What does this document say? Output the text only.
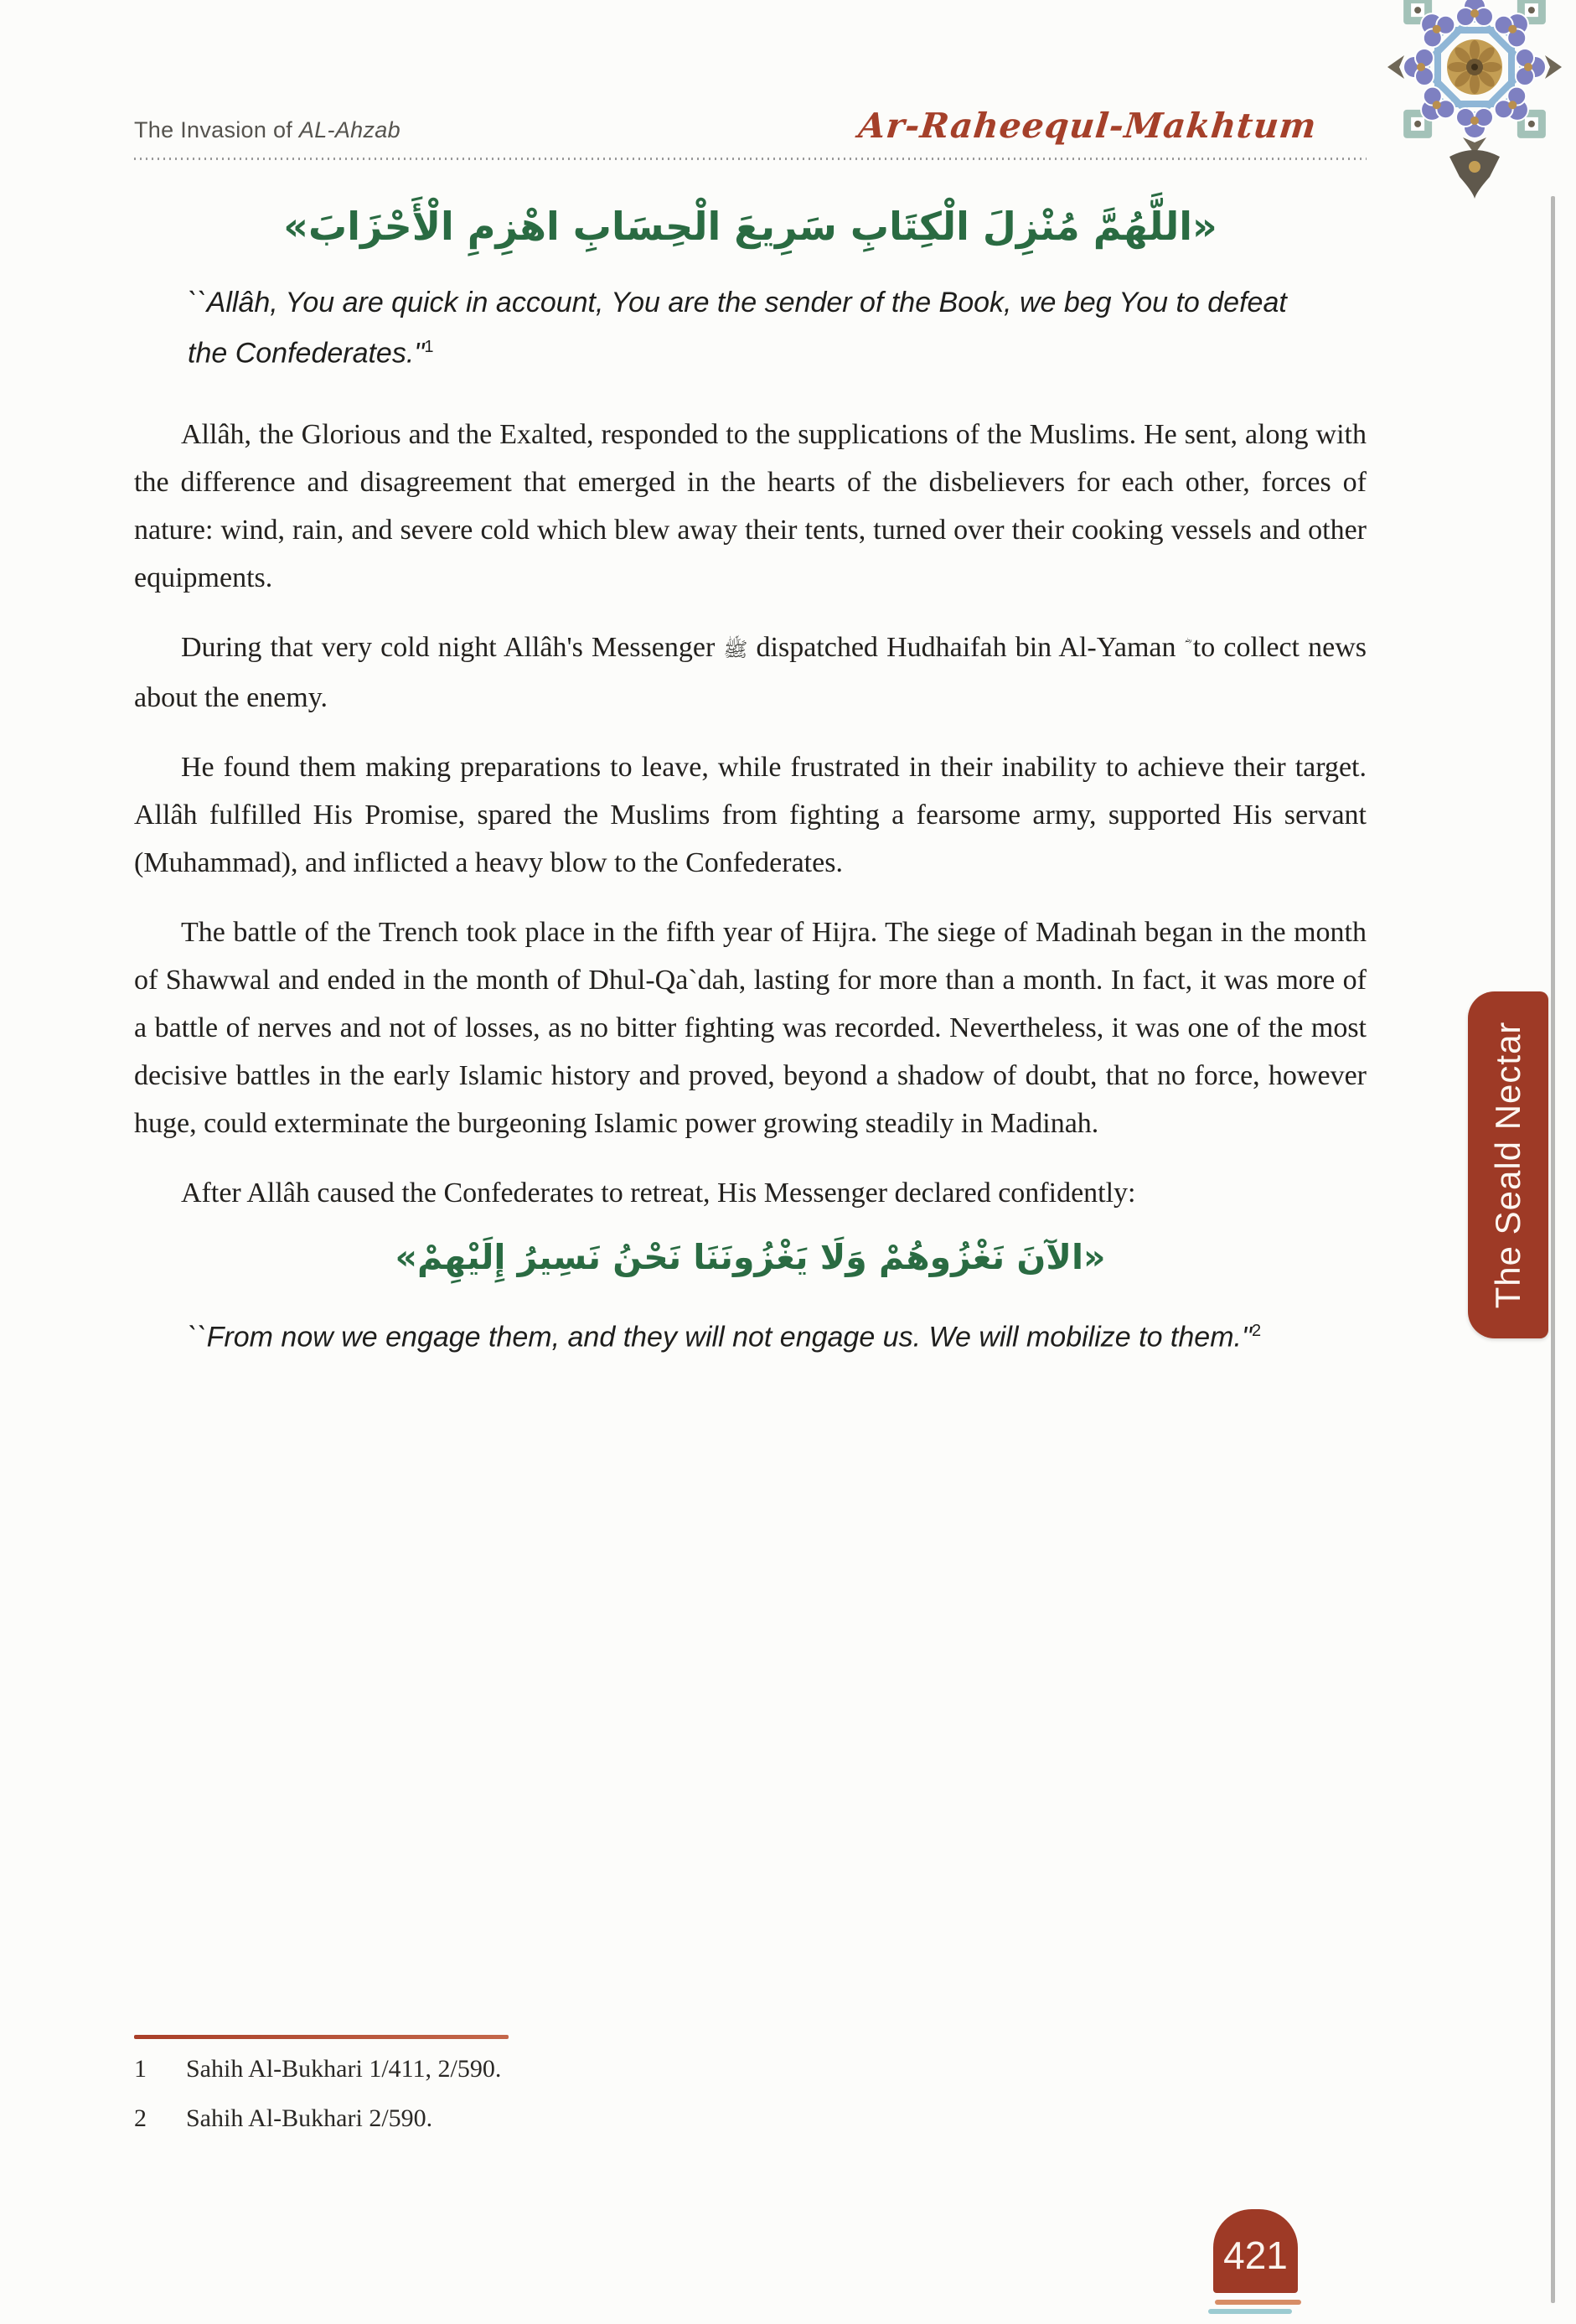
The Invasion of AL-Ahzab	Ar-Raheequl-Makhtum
«اللَّهُمَّ مُنْزِلَ الْكِتَابِ سَرِيعَ الْحِسَابِ اهْزِمِ الْأَحْزَابَ»
``Allâh, You are quick in account, You are the sender of the Book, we beg You to defeat the Confederates."$^1$

Allâh, the Glorious and the Exalted, responded to the supplications of the Muslims. He sent, along with the difference and disagreement that emerged in the hearts of the disbelievers for each other, forces of nature: wind, rain, and severe cold which blew away their tents, turned over their cooking vessels and other equipments.

During that very cold night Allâh's Messenger ﷺ dispatched Hudhaifah bin Al-Yaman to collect news about the enemy.

He found them making preparations to leave, while frustrated in their inability to achieve their target. Allâh fulfilled His Promise, spared the Muslims from fighting a fearsome army, supported His servant (Muhammad), and inflicted a heavy blow to the Confederates.

The battle of the Trench took place in the fifth year of Hijra. The siege of Madinah began in the month of Shawwal and ended in the month of Dhul-Qa`dah, lasting for more than a month. In fact, it was more of a battle of nerves and not of losses, as no bitter fighting was recorded. Nevertheless, it was one of the most decisive battles in the early Islamic history and proved, beyond a shadow of doubt, that no force, however huge, could exterminate the burgeoning Islamic power growing steadily in Madinah.

After Allâh caused the Confederates to retreat, His Messenger declared confidently:

«الآنَ نَغْزُوهُمْ وَلَا يَغْزُونَنَا نَحْنُ نَسِيرُ إِلَيْهِمْ»
``From now we engage them, and they will not engage us. We will mobilize to them."$^2$
1	Sahih Al-Bukhari 1/411, 2/590.
2	Sahih Al-Bukhari 2/590.
The Seald Nectar
421
